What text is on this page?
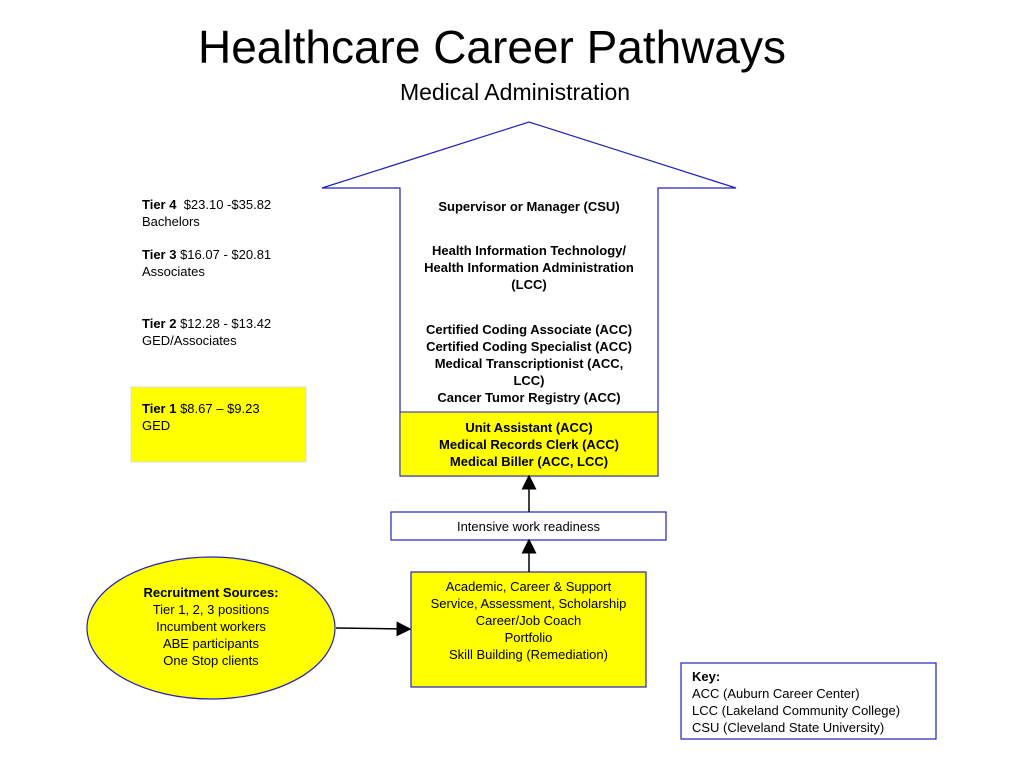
Healthcare Career Pathways
Medical Administration
Tier 4 $23.10 -$35.82
Bachelors
Tier 3 $16.07 - $20.81
Associates
Tier 2 $12.28 - $13.42
GED/Associates
Tier 1 $8.67 – $9.23
GED
Supervisor or Manager (CSU)
Health Information Technology/
Health Information Administration
(LCC)
Certified Coding Associate (ACC)
Certified Coding Specialist (ACC)
Medical Transcriptionist (ACC,
LCC)
Cancer Tumor Registry (ACC)
Unit Assistant (ACC)
Medical Records Clerk (ACC)
Medical Biller (ACC, LCC)
Intensive work readiness
Academic, Career & Support
Service, Assessment, Scholarship
Career/Job Coach
Portfolio
Skill Building (Remediation)
Recruitment Sources:
Tier 1, 2, 3 positions
Incumbent workers
ABE participants
One Stop clients
Key:
ACC (Auburn Career Center)
LCC (Lakeland Community College)
CSU (Cleveland State University)
